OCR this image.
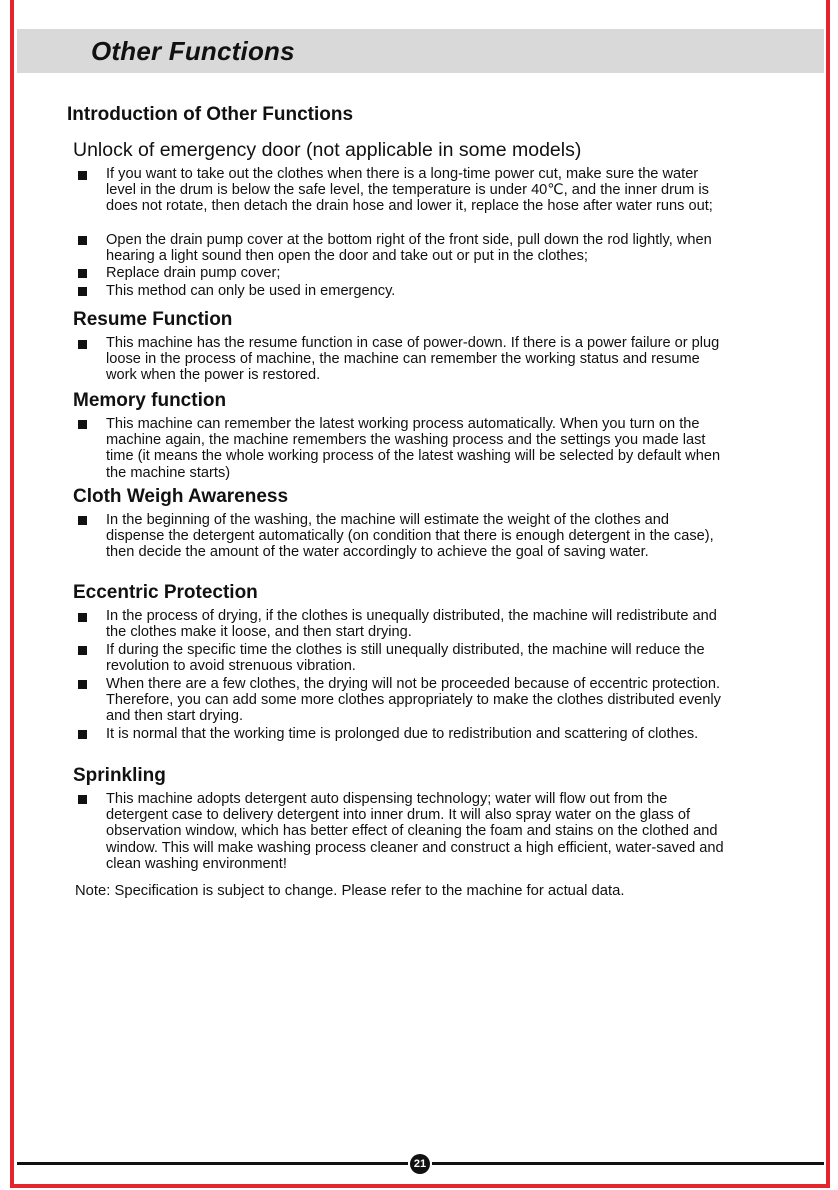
Other Functions
Introduction of Other Functions
Unlock of emergency door (not applicable in some models)
If you want to take out the clothes when there is a long-time power cut, make sure the water level in the drum is below the safe level, the temperature is under 40℃, and the inner drum is does not rotate, then detach the drain hose and lower it, replace the hose after water runs out;
Open the drain pump cover at the bottom right of the front side, pull down the rod lightly, when hearing a light sound then open the door and take out or put in the clothes;
Replace drain pump cover;
This method can only be used in emergency.
Resume Function
This machine has the resume function in case of power-down. If there is a power failure or plug loose in the process of machine, the machine can remember the working status and resume work when the power is restored.
Memory function
This machine can remember the latest working process automatically. When you turn on the machine again, the machine remembers the washing process and the settings you made last time (it means the whole working process of the latest washing will be selected by default when the machine starts)
Cloth Weigh Awareness
In the beginning of the washing, the machine will estimate the weight of the clothes and dispense the detergent automatically (on condition that there is enough detergent in the case), then decide the amount of the water accordingly to achieve the goal of saving water.
Eccentric Protection
In the process of drying, if the clothes is unequally distributed, the machine will redistribute and the clothes make it loose, and then start drying.
If during the specific time the clothes is still unequally distributed, the machine will reduce the revolution to avoid strenuous vibration.
When there are a few clothes, the drying will not be proceeded because of eccentric protection. Therefore, you can add some more clothes appropriately to make the clothes distributed evenly and then start drying.
It is normal that the working time is prolonged due to redistribution and scattering of clothes.
Sprinkling
This machine adopts detergent auto dispensing technology; water will flow out from the detergent case to delivery detergent into inner drum. It will also spray water on the glass of observation window, which has better effect of cleaning the foam and stains on the clothed and window. This will make washing process cleaner and construct a high efficient, water-saved and clean washing environment!
Note: Specification is subject to change. Please refer to the machine for actual data.
21
